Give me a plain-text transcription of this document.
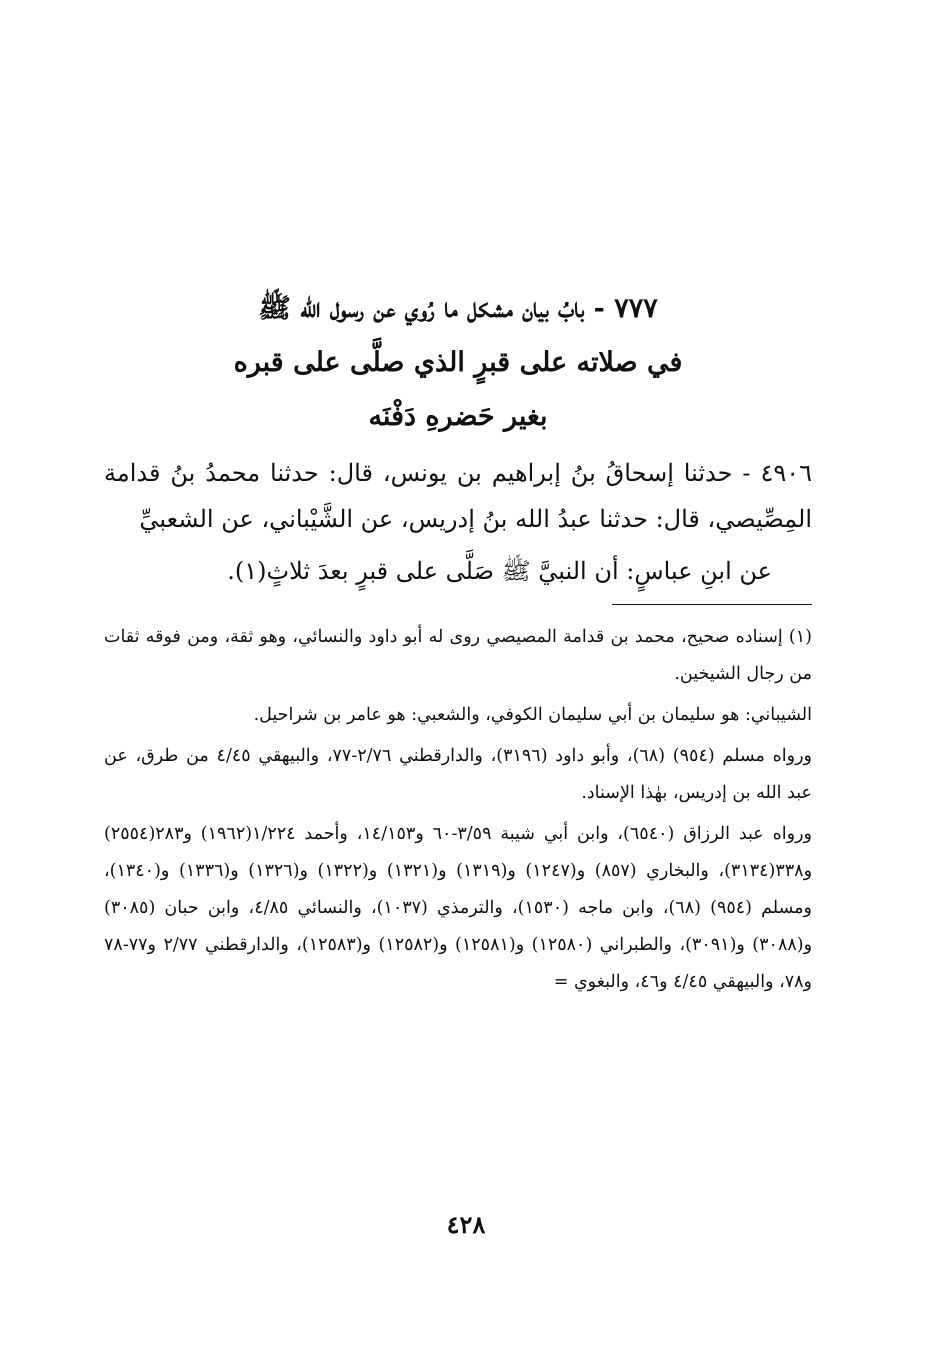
٧٧٧ - بابُ بيان مشكل ما رُوي عن رسول الله ﷺ
في صلاته على قبرٍ الذي صلَّى على قبره
بغير حَضرهِ دَفْنَه

٤٩٠٦ - حدثنا إسحاقُ بنُ إبراهيم بن يونس، قال: حدثنا محمدُ بنُ قدامة المِصِّيصي، قال: حدثنا عبدُ الله بنُ إدريس، عن الشَّيْباني، عن الشعبيِّ

عن ابنِ عباسٍ: أن النبيَّ ﷺ صَلَّى على قبرٍ بعدَ ثلاثٍ(١).

(١) إسناده صحيح، محمد بن قدامة المصيصي روى له أبو داود والنسائي، وهو ثقة، ومن فوقه ثقات من رجال الشيخين.

الشيباني: هو سليمان بن أبي سليمان الكوفي، والشعبي: هو عامر بن شراحيل.

ورواه مسلم (٩٥٤) (٦٨)، وأبو داود (٣١٩٦)، والدارقطني ٢/٧٦-٧٧، والبيهقي ٤/٤٥ من طرق، عن عبد الله بن إدريس، بهٰذا الإسناد.

ورواه عبد الرزاق (٦٥٤٠)، وابن أبي شيبة ٣/٥٩-٦٠ و١٤/١٥٣، وأحمد ١/٢٢٤(١٩٦٢) و٢٨٣(٢٥٥٤) و٣٣٨(٣١٣٤)، والبخاري (٨٥٧) و(١٢٤٧) و(١٣١٩) و(١٣٢١) و(١٣٢٢) و(١٣٢٦) و(١٣٣٦) و(١٣٤٠)، ومسلم (٩٥٤) (٦٨)، وابن ماجه (١٥٣٠)، والترمذي (١٠٣٧)، والنسائي ٤/٨٥، وابن حبان (٣٠٨٥) و(٣٠٨٨) و(٣٠٩١)، والطبراني (١٢٥٨٠) و(١٢٥٨١) و(١٢٥٨٢) و(١٢٥٨٣)، والدارقطني ٢/٧٧ و٧٧-٧٨ و٧٨، والبيهقي ٤/٤٥ و٤٦، والبغوي =

٤٢٨
